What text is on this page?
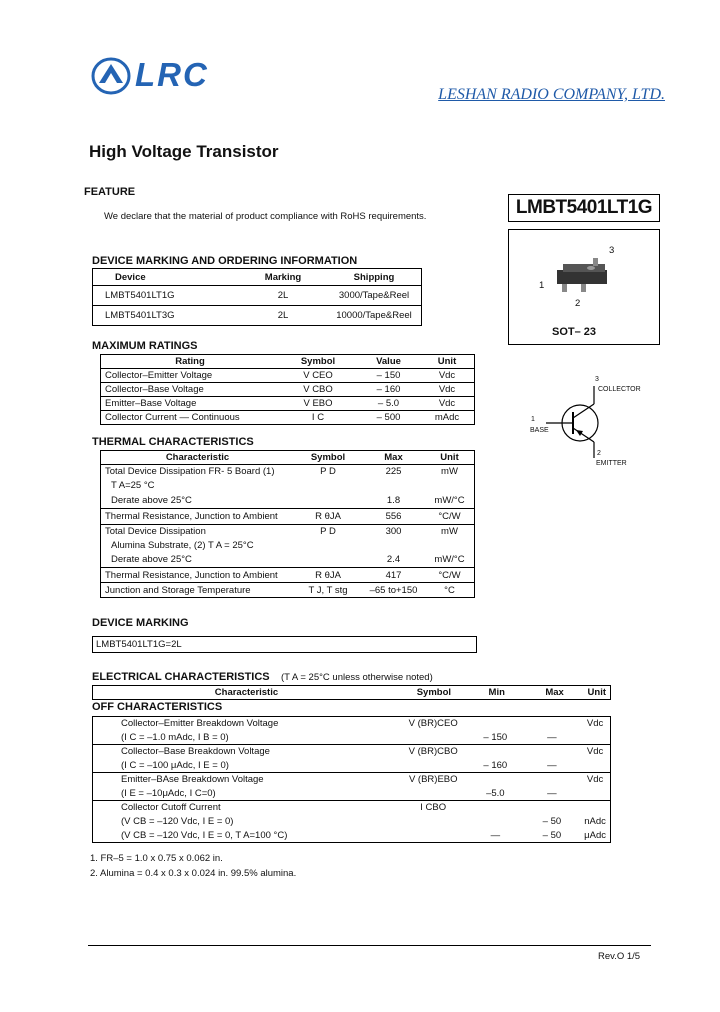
LRC
LESHAN RADIO COMPANY, LTD.
High Voltage Transistor
FEATURE
We declare that the material of product compliance with RoHS requirements.	LMBT5401LT1G
3
1
2
SOT– 23
3
COLLECTOR
1
BASE
2
EMITTER
DEVICE MARKING AND ORDERING INFORMATION
Device	Marking	Shipping
LMBT5401LT1G	2L	3000/Tape&Reel
LMBT5401LT3G	2L	10000/Tape&Reel
MAXIMUM RATINGS
Rating	Symbol	Value	Unit
Collector–Emitter Voltage	V CEO	– 150	Vdc
Collector–Base Voltage	V CBO	– 160	Vdc
Emitter–Base Voltage	V EBO	– 5.0	Vdc
Collector Current — Continuous	I C	– 500	mAdc
THERMAL CHARACTERISTICS
Characteristic	Symbol	Max	Unit
Total Device Dissipation FR- 5 Board (1)	P D	225	mW
T A=25 °C			
Derate above 25°C		1.8	mW/°C
Thermal Resistance, Junction to Ambient	R θJA	556	°C/W
Total Device Dissipation	P D	300	mW
Alumina Substrate, (2) T A = 25°C			
Derate above 25°C		2.4	mW/°C
Thermal Resistance, Junction to Ambient	R θJA	417	°C/W
Junction and Storage Temperature	T J, T stg	–65 to+150	°C
DEVICE MARKING
LMBT5401LT1G=2L
ELECTRICAL CHARACTERISTICS (T A = 25°C unless otherwise noted)
Characteristic	Symbol	Min	Max	Unit
OFF CHARACTERISTICS
Collector–Emitter Breakdown Voltage	V (BR)CEO			Vdc
(I C = –1.0 mAdc, I B = 0)		– 150	—	
Collector–Base Breakdown Voltage	V (BR)CBO			Vdc
(I C = –100 μAdc, I E = 0)		– 160	—	
Emitter–BAse Breakdown Voltage	V (BR)EBO			Vdc
(I E = –10μAdc, I C=0)		–5.0	—	
Collector Cutoff Current	I CBO			
(V CB = –120 Vdc, I E = 0)			– 50	nAdc
(V CB = –120 Vdc, I E = 0, T A=100 °C)		—	– 50	μAdc
1. FR–5 = 1.0 x 0.75 x 0.062 in.
2. Alumina = 0.4 x 0.3 x 0.024 in. 99.5% alumina.
Rev.O 1/5
